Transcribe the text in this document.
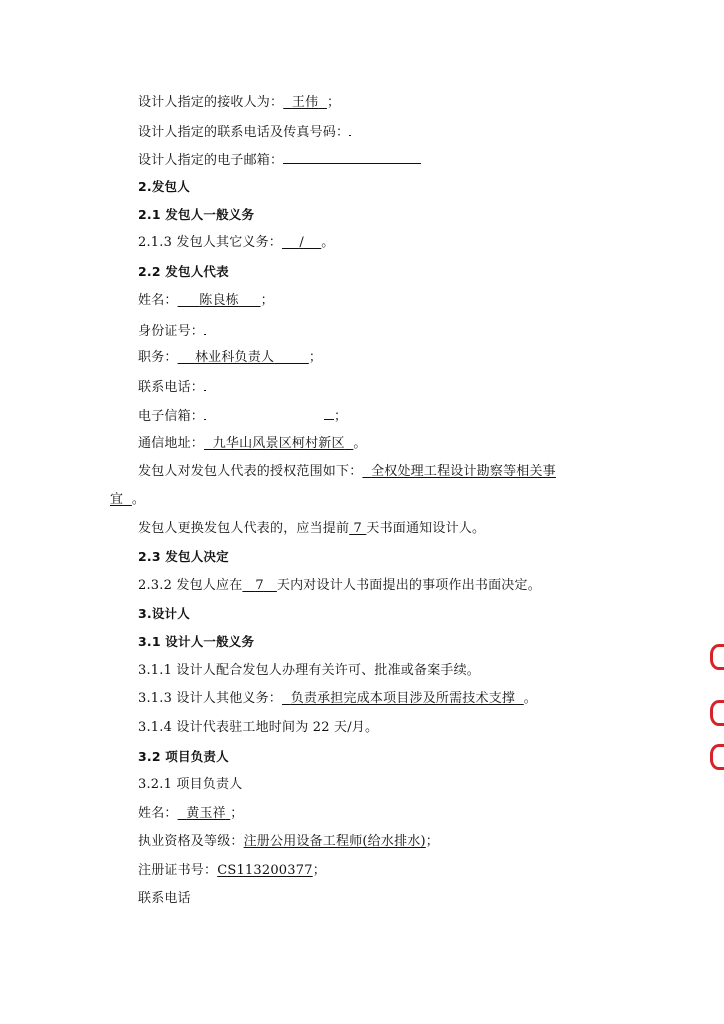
设计人指定的接收人为： 王伟 ；
设计人指定的联系电话及传真号码：
设计人指定的电子邮箱：
2.发包人
2.1 发包人一般义务
2.1.3 发包人其它义务： / 。
2.2 发包人代表
姓名： 陈良栋 ；
身份证号：
职务： 林业科负责人	；
联系电话：
电子信箱：	；
通信地址： 九华山风景区柯村新区 。
发包人对发包人代表的授权范围如下： 全权处理工程设计勘察等相关事
宜 。
发包人更换发包人代表的，应当提前 7 天书面通知设计人。
2.3 发包人决定
2.3.2 发包人应在 7 天内对设计人书面提出的事项作出书面决定。
3.设计人
3.1 设计人一般义务
3.1.1 设计人配合发包人办理有关许可、批准或备案手续。
3.1.3 设计人其他义务： 负责承担完成本项目涉及所需技术支撑 。
3.1.4 设计代表驻工地时间为 22 天/月。
3.2 项目负责人
3.2.1 项目负责人
姓名： 黄玉祥 ；
执业资格及等级：注册公用设备工程师(给水排水)；
注册证书号：CS113200377；
联系电话
